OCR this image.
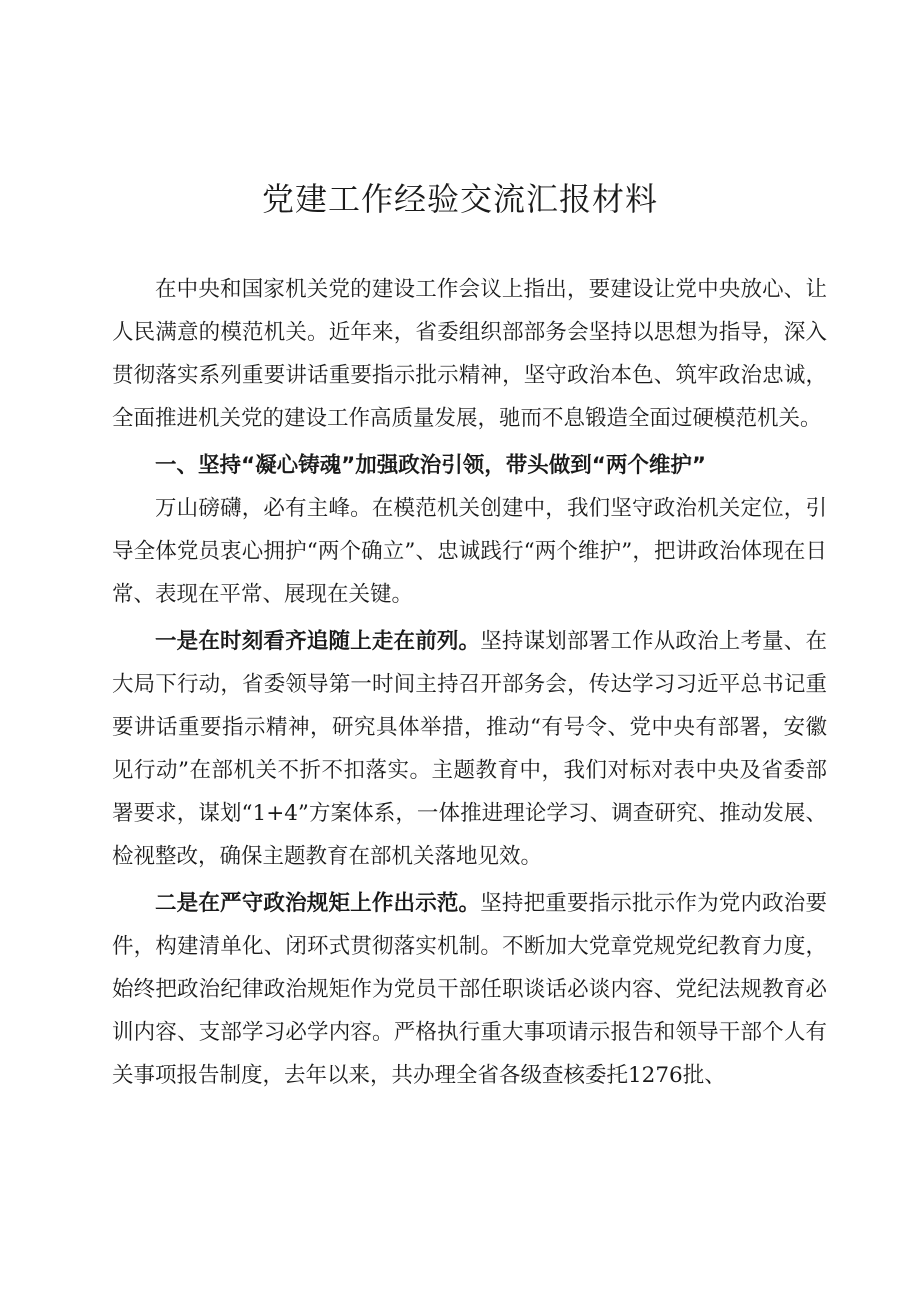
党建工作经验交流汇报材料

在中央和国家机关党的建设工作会议上指出，要建设让党中央放心、让人民满意的模范机关。近年来，省委组织部部务会坚持以思想为指导，深入贯彻落实系列重要讲话重要指示批示精神，坚守政治本色、筑牢政治忠诚，全面推进机关党的建设工作高质量发展，驰而不息锻造全面过硬模范机关。

一、坚持“凝心铸魂”加强政治引领，带头做到“两个维护”

万山磅礴，必有主峰。在模范机关创建中，我们坚守政治机关定位，引导全体党员衷心拥护“两个确立”、忠诚践行“两个维护”，把讲政治体现在日常、表现在平常、展现在关键。

一是在时刻看齐追随上走在前列。坚持谋划部署工作从政治上考量、在大局下行动，省委领导第一时间主持召开部务会，传达学习习近平总书记重要讲话重要指示精神，研究具体举措，推动“有号令、党中央有部署，安徽见行动”在部机关不折不扣落实。主题教育中，我们对标对表中央及省委部署要求，谋划“1+4”方案体系，一体推进理论学习、调查研究、推动发展、检视整改，确保主题教育在部机关落地见效。

二是在严守政治规矩上作出示范。坚持把重要指示批示作为党内政治要件，构建清单化、闭环式贯彻落实机制。不断加大党章党规党纪教育力度，始终把政治纪律政治规矩作为党员干部任职谈话必谈内容、党纪法规教育必训内容、支部学习必学内容。严格执行重大事项请示报告和领导干部个人有关事项报告制度，去年以来，共办理全省各级查核委托1276批、
